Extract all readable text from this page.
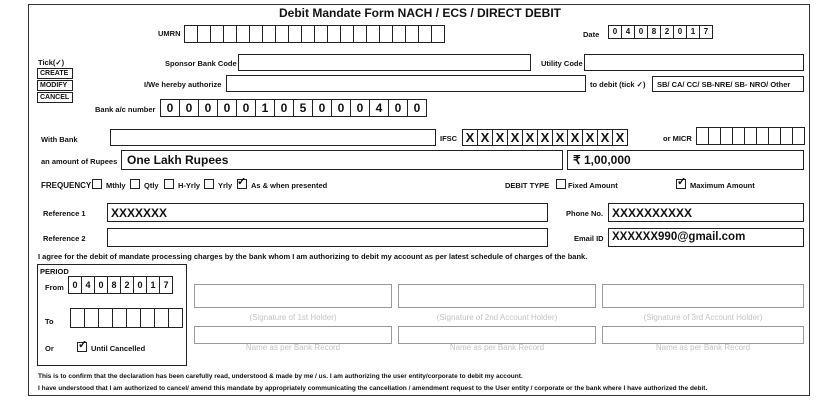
Debit Mandate Form NACH / ECS / DIRECT DEBIT
UMRN	Date	0	4	0	8	2	0	1	7
Tick(✓)
CREATE
MODIFY
CANCEL
Sponsor Bank Code	Utility Code
I/We hereby authorize	to debit (tick ✓)	SB/ CA/ CC/ SB-NRE/ SB- NRO/ Other
Bank a/c number 0	0	0	0	0	1	0	5	0	0	0	4	0	0
With Bank	IFSC X X X X X X X X X X X	or MICR
an amount of Rupees One Lakh Rupees	₹ 1,00,000
FREQUENCY Mthly Qtly	H-Yrly Yrly ✓ As & when presented	DEBIT TYPE	Fixed Amount	✓ Maximum Amount
Reference 1 XXXXXXX	Phone No. XXXXXXXXXX
Reference 2	Email ID XXXXXX990@gmail.com
I agree for the debit of mandate processing charges by the bank whom I am authorizing to debit my account as per latest schedule of charges of the bank.
PERIOD
From 0 4 0 8 2 0 1 7
To
Or ✓ Until Cancelled
(Signature of 1st Holder)	(Signature of 2nd Account Holder)	(Signature of 3rd Account Holder)
Name as per Bank Record	Name as per Bank Record	Name as per Bank Record
This is to confirm that the declaration has been carefully read, understood & made by me / us. I am authorizing the user entity/corporate to debit my account.
I have understood that I am authorized to cancel/ amend this mandate by appropriately communicating the cancellation / amendment request to the User entity / corporate or the bank where I have authorized the debit.
